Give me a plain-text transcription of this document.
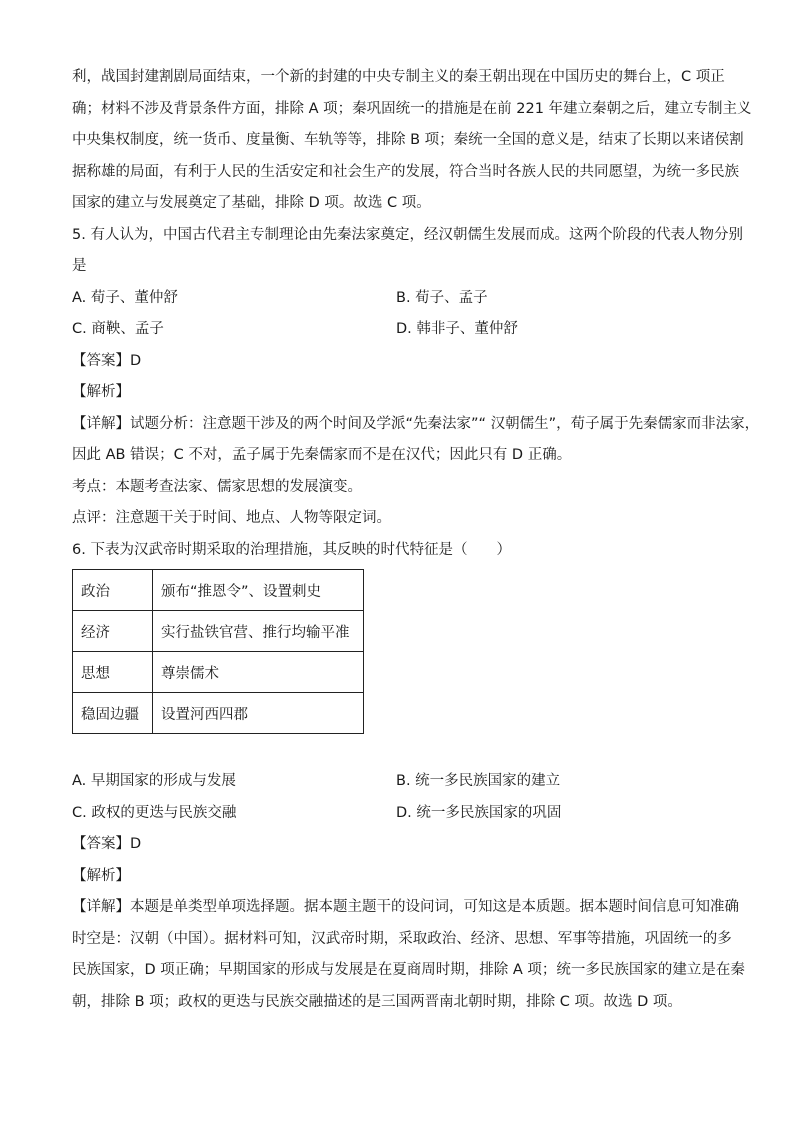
利，战国封建割剧局面结束，一个新的封建的中央专制主义的秦王朝出现在中国历史的舞台上，C 项正
确；材料不涉及背景条件方面，排除 A 项；秦巩固统一的措施是在前 221 年建立秦朝之后，建立专制主义
中央集权制度，统一货币、度量衡、车轨等等，排除 B 项；秦统一全国的意义是，结束了长期以来诸侯割
据称雄的局面，有利于人民的生活安定和社会生产的发展，符合当时各族人民的共同愿望，为统一多民族
国家的建立与发展奠定了基础，排除 D 项。故选 C 项。
5. 有人认为，中国古代君主专制理论由先秦法家奠定，经汉朝儒生发展而成。这两个阶段的代表人物分别
是
A. 荀子、董仲舒	B. 荀子、孟子
C. 商鞅、孟子	D. 韩非子、董仲舒
【答案】D
【解析】
【详解】试题分析：注意题干涉及的两个时间及学派“先秦法家”“ 汉朝儒生”，荀子属于先秦儒家而非法家，
因此 AB 错误；C 不对，孟子属于先秦儒家而不是在汉代；因此只有 D 正确。
考点：本题考查法家、儒家思想的发展演变。
点评：注意题干关于时间、地点、人物等限定词。
6. 下表为汉武帝时期采取的治理措施，其反映的时代特征是（　　）
政治	颁布“推恩令”、设置刺史
经济	实行盐铁官营、推行均输平准
思想	尊崇儒术
稳固边疆	设置河西四郡
A. 早期国家的形成与发展	B. 统一多民族国家的建立
C. 政权的更迭与民族交融	D. 统一多民族国家的巩固
【答案】D
【解析】
【详解】本题是单类型单项选择题。据本题主题干的设问词，可知这是本质题。据本题时间信息可知准确
时空是：汉朝（中国）。据材料可知，汉武帝时期，采取政治、经济、思想、军事等措施，巩固统一的多
民族国家，D 项正确；早期国家的形成与发展是在夏商周时期，排除 A 项；统一多民族国家的建立是在秦
朝，排除 B 项；政权的更迭与民族交融描述的是三国两晋南北朝时期，排除 C 项。故选 D 项。
